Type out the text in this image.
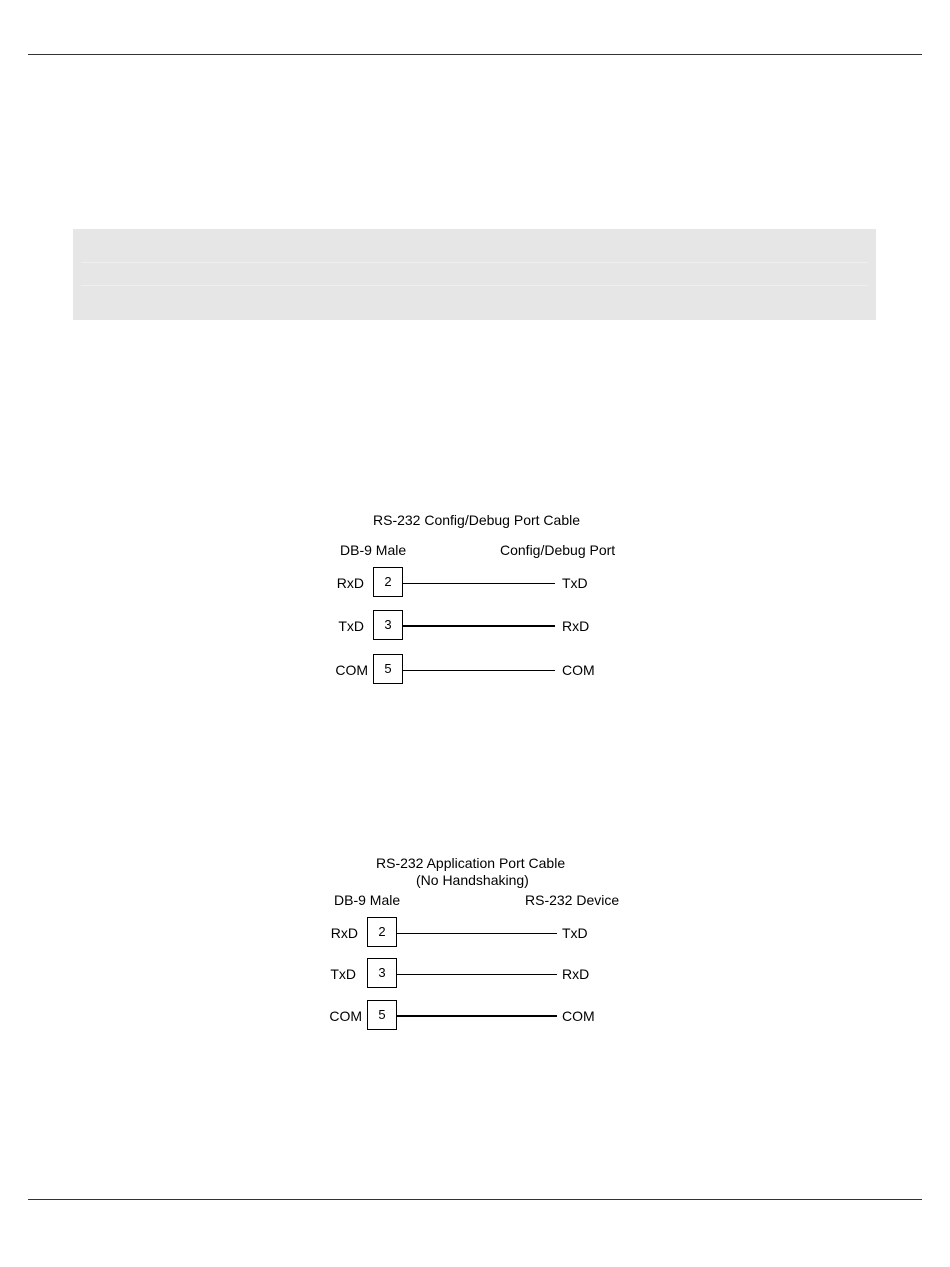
RS-232 Config/Debug Port Cable
DB-9 Male	Config/Debug Port
RxD	2	TxD
TxD	3	RxD
COM	5	COM
RS-232 Application Port Cable
(No Handshaking)
DB-9 Male	RS-232 Device
RxD	2	TxD
TxD	3	RxD
COM	5	COM
